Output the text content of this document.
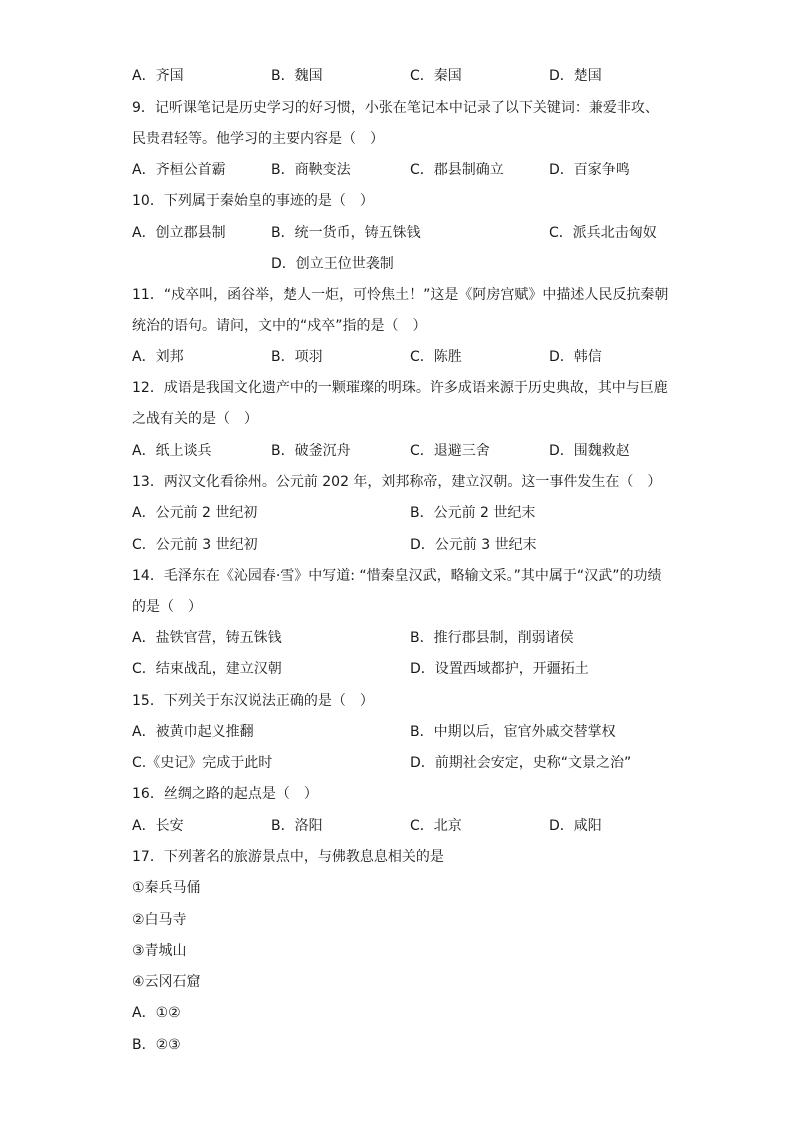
A．齐国	B．魏国	C．秦国	D．楚国
9．记听课笔记是历史学习的好习惯，小张在笔记本中记录了以下关键词：兼爱非攻、
民贵君轻等。他学习的主要内容是（　）
A．齐桓公首霸	B．商鞅变法	C．郡县制确立	D．百家争鸣
10．下列属于秦始皇的事迹的是（　）
A．创立郡县制	B．统一货币，铸五铢钱	C．派兵北击匈奴
D．创立王位世袭制
11．“戍卒叫，函谷举，楚人一炬，可怜焦土！”这是《阿房宫赋》中描述人民反抗秦朝
统治的语句。请问，文中的“戍卒”指的是（　）
A．刘邦	B．项羽	C．陈胜	D．韩信
12．成语是我国文化遗产中的一颗璀璨的明珠。许多成语来源于历史典故，其中与巨鹿
之战有关的是（　）
A．纸上谈兵	B．破釜沉舟	C．退避三舍	D．围魏救赵
13．两汉文化看徐州。公元前 202 年，刘邦称帝，建立汉朝。这一事件发生在（　）
A．公元前 2 世纪初	B．公元前 2 世纪末
C．公元前 3 世纪初	D．公元前 3 世纪末
14．毛泽东在《沁园春·雪》中写道: “惜秦皇汉武，略输文采。”其中属于“汉武”的功绩
的是（　）
A．盐铁官营，铸五铢钱	B．推行郡县制，削弱诸侯
C．结束战乱，建立汉朝	D．设置西域都护，开疆拓土
15．下列关于东汉说法正确的是（　）
A．被黄巾起义推翻	B．中期以后，宦官外戚交替掌权
C.《史记》完成于此时	D．前期社会安定，史称“文景之治”
16．丝绸之路的起点是（　）
A．长安	B．洛阳	C．北京	D．咸阳
17．下列著名的旅游景点中，与佛教息息相关的是
①秦兵马俑
②白马寺
③青城山
④云冈石窟
A．①②
B．②③
